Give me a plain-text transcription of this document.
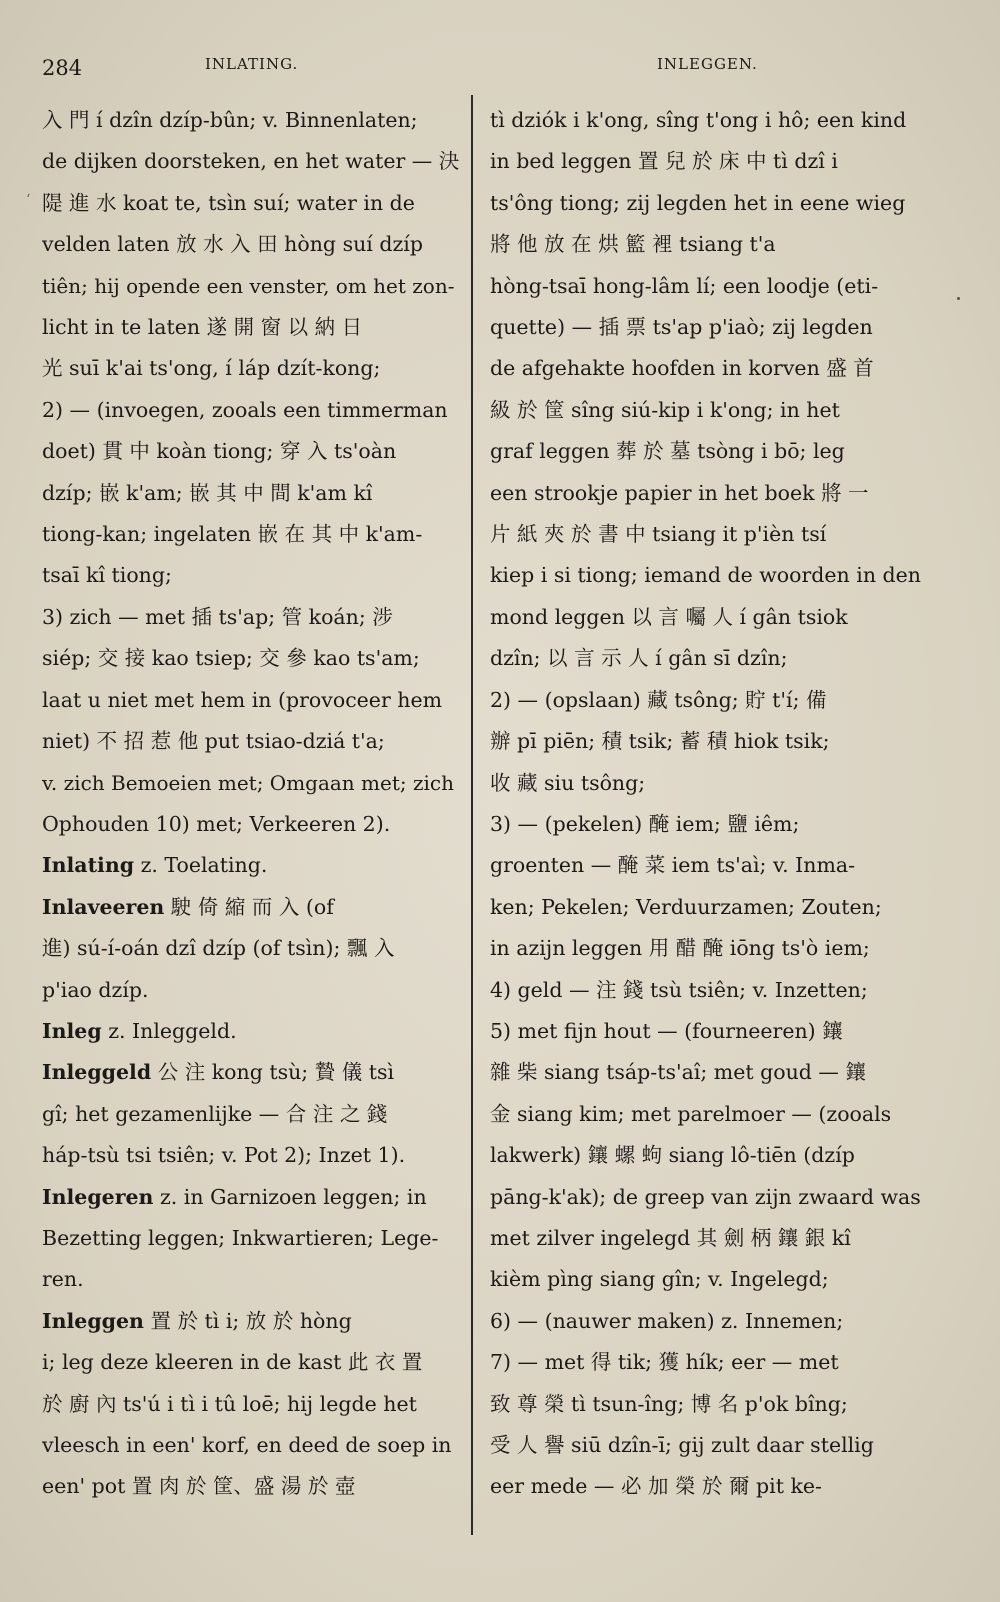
284	INLATING.	INLEGGEN.
‘

入 門 í dzîn dzíp-bûn; v. Binnenlaten;

de dijken doorsteken, en het water — 決

隄 進 水 koat te, tsìn suí; water in de

velden laten 放 水 入 田 hòng suí dzíp

tiên; hij opende een venster, om het zon-

licht in te laten 遂 開 窗 以 納 日

光 suī k'ai ts'ong, í láp dzít-kong;

2) — (invoegen, zooals een timmerman

doet) 貫 中 koàn tiong; 穿 入 ts'oàn

dzíp; 嵌 k'am; 嵌 其 中 間 k'am kî

tiong-kan; ingelaten 嵌 在 其 中 k'am-

tsaī kî tiong;

3) zich — met 插 ts'ap; 管 koán; 涉

siép; 交 接 kao tsiep; 交 參 kao ts'am;

laat u niet met hem in (provoceer hem

niet) 不 招 惹 他 put tsiao-dziá t'a;

v. zich Bemoeien met; Omgaan met; zich

Ophouden 10) met; Verkeeren 2).

Inlating z. Toelating.

Inlaveeren 駛 倚 縮 而 入 (of

進) sú-í-oán dzî dzíp (of tsìn); 飄 入

p'iao dzíp.

Inleg z. Inleggeld.

Inleggeld 公 注 kong tsù; 贄 儀 tsì

gî; het gezamenlijke — 合 注 之 錢

háp-tsù tsi tsiên; v. Pot 2); Inzet 1).

Inlegeren z. in Garnizoen leggen; in

Bezetting leggen; Inkwartieren; Lege-

ren.

Inleggen 置 於 tì i; 放 於 hòng

i; leg deze kleeren in de kast 此 衣 置

於 廚 內 ts'ú i tì i tû loē; hij legde het

vleesch in een' korf, en deed de soep in

een' pot 置 肉 於 筐、盛 湯 於 壺

tì dziók i k'ong, sîng t'ong i hô; een kind

in bed leggen 置 兒 於 床 中 tì dzî i

ts'ông tiong; zij legden het in eene wieg

將 他 放 在 烘 籃 裡 tsiang t'a

hòng-tsaī hong-lâm lí; een loodje (eti-

quette) — 插 票 ts'ap p'iaò; zij legden

de afgehakte hoofden in korven 盛 首

級 於 筐 sîng siú-kip i k'ong; in het

graf leggen 葬 於 墓 tsòng i bō; leg

een strookje papier in het boek 將 一

片 紙 夾 於 書 中 tsiang it p'ièn tsí

kiep i si tiong; iemand de woorden in den

mond leggen 以 言 囑 人 í gân tsiok

dzîn; 以 言 示 人 í gân sī dzîn;

2) — (opslaan) 藏 tsông; 貯 t'í; 備

辦 pī piēn; 積 tsik; 蓄 積 hiok tsik;

收 藏 siu tsông;

3) — (pekelen) 醃 iem; 鹽 iêm;

groenten — 醃 菜 iem ts'aì; v. Inma-

ken; Pekelen; Verduurzamen; Zouten;

in azijn leggen 用 醋 醃 iōng ts'ò iem;

4) geld — 注 錢 tsù tsiên; v. Inzetten;

5) met fijn hout — (fourneeren) 鑲

雜 柴 siang tsáp-ts'aî; met goud — 鑲

金 siang kim; met parelmoer — (zooals

lakwerk) 鑲 螺 蚼 siang lô-tiēn (dzíp

pāng-k'ak); de greep van zijn zwaard was

met zilver ingelegd 其 劍 柄 鑲 銀 kî

kièm pìng siang gîn; v. Ingelegd;

6) — (nauwer maken) z. Innemen;

7) — met 得 tik; 獲 hík; eer — met

致 尊 榮 tì tsun-îng; 博 名 p'ok bîng;

受 人 譽 siū dzîn-ī; gij zult daar stellig

eer mede — 必 加 榮 於 爾 pit ke-
